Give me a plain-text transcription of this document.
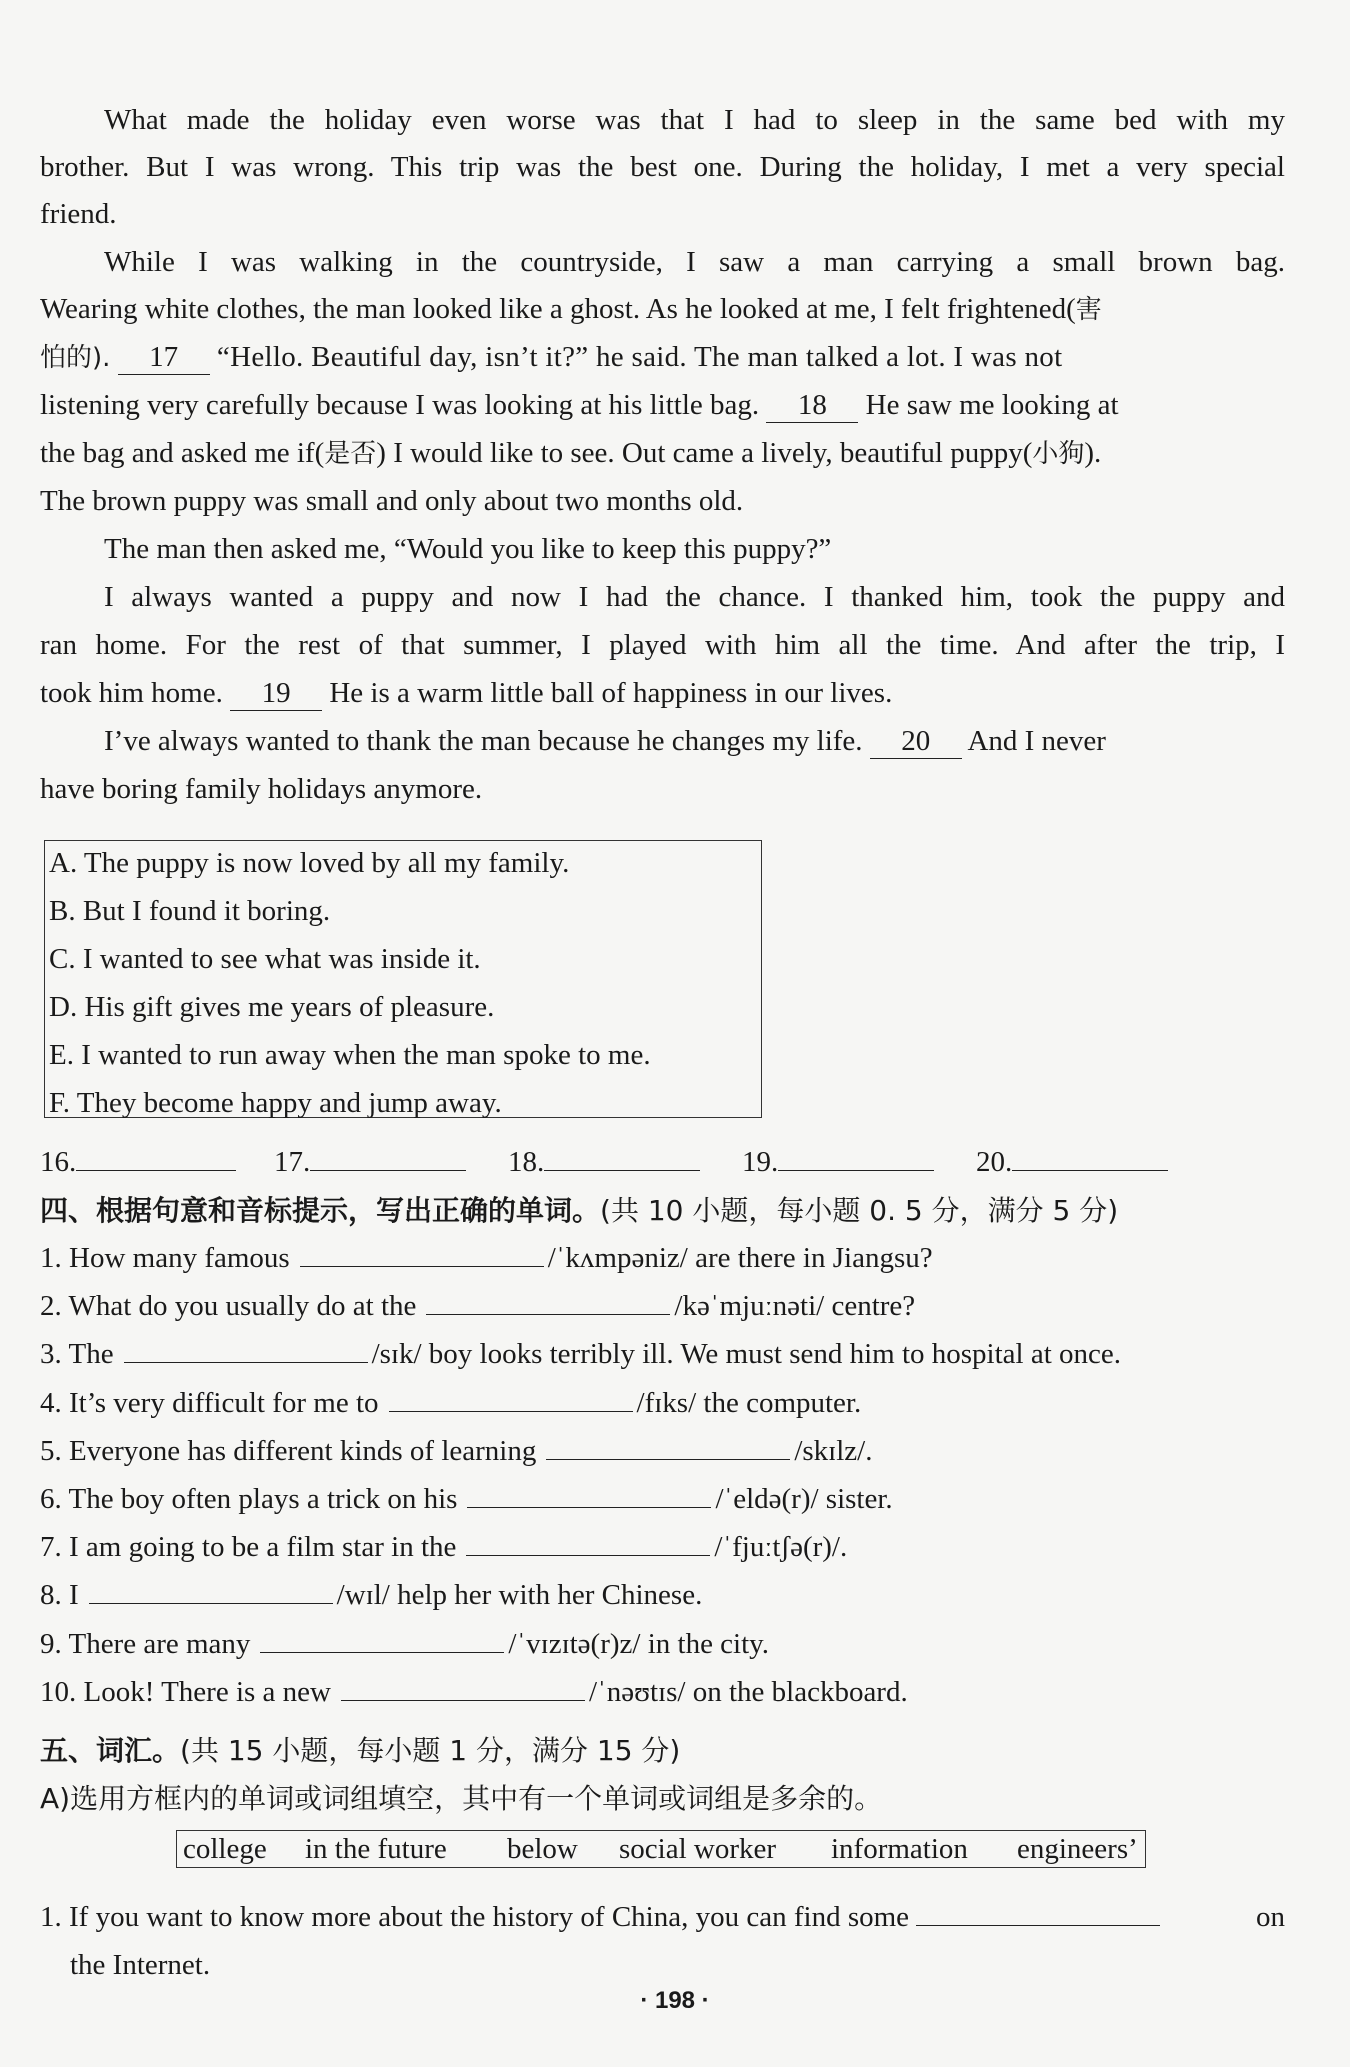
What made the holiday even worse was that I had to sleep in the same bed with my
brother. But I was wrong. This trip was the best one. During the holiday, I met a very special
friend.
While I was walking in the countryside, I saw a man carrying a small brown bag.
Wearing white clothes, the man looked like a ghost. As he looked at me, I felt frightened(害
怕的). 17 “Hello. Beautiful day, isn’t it?” he said. The man talked a lot. I was not
listening very carefully because I was looking at his little bag. 18 He saw me looking at
the bag and asked me if(是否) I would like to see. Out came a lively, beautiful puppy(小狗).
The brown puppy was small and only about two months old.
The man then asked me, “Would you like to keep this puppy?”
I always wanted a puppy and now I had the chance. I thanked him, took the puppy and
ran home. For the rest of that summer, I played with him all the time. And after the trip, I
took him home. 19 He is a warm little ball of happiness in our lives.
I’ve always wanted to thank the man because he changes my life. 20 And I never
have boring family holidays anymore.
A. The puppy is now loved by all my family.
B. But I found it boring.
C. I wanted to see what was inside it.
D. His gift gives me years of pleasure.
E. I wanted to run away when the man spoke to me.
F. They become happy and jump away.
16.	17.	18.	19.	20.
四、根据句意和音标提示，写出正确的单词。(共 10 小题，每小题 0. 5 分，满分 5 分)
1. How many famous	/ˈkʌmpəniz/ are there in Jiangsu?
2. What do you usually do at the	/kəˈmjuːnəti/ centre?
3. The	/sɪk/ boy looks terribly ill. We must send him to hospital at once.
4. It’s very difficult for me to	/fɪks/ the computer.
5. Everyone has different kinds of learning	/skɪlz/.
6. The boy often plays a trick on his	/ˈeldə(r)/ sister.
7. I am going to be a film star in the	/ˈfjuːtʃə(r)/.
8. I	/wɪl/ help her with her Chinese.
9. There are many	/ˈvɪzɪtə(r)z/ in the city.
10. Look! There is a new	/ˈnəʊtɪs/ on the blackboard.
五、词汇。(共 15 小题，每小题 1 分，满分 15 分)
A)选用方框内的单词或词组填空，其中有一个单词或词组是多余的。
college in the future below social worker information engineers’
1. If you want to know more about the history of China, you can find some	on
the Internet.
· 198 ·
